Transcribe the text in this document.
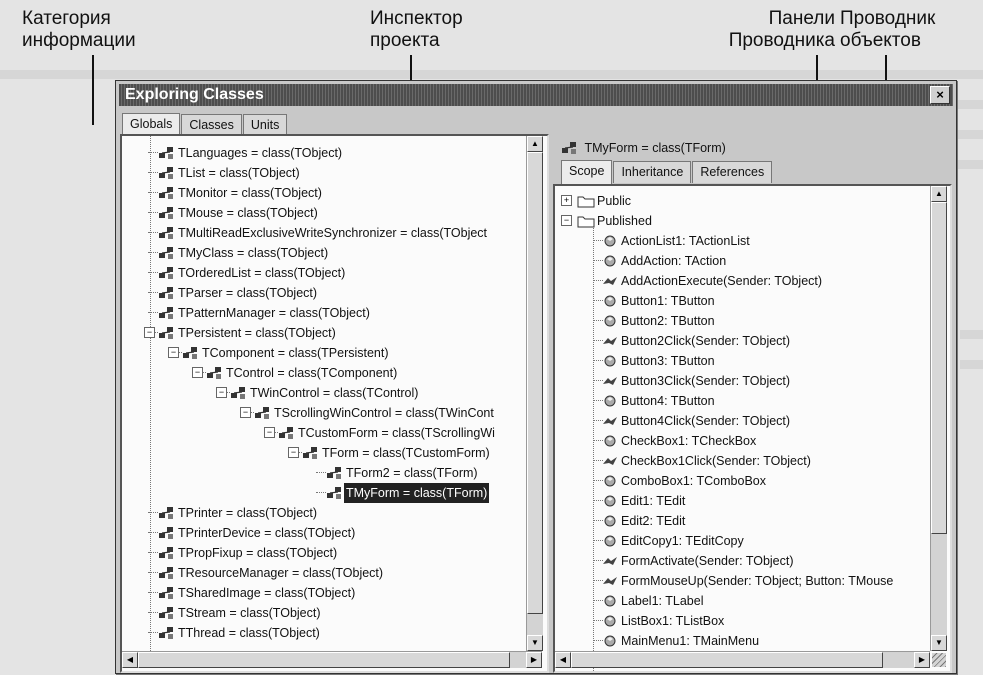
Категория
информации
Инспектор
проекта
Панели
Проводника
Проводник
объектов
Exploring Classes	×
Globals	Classes	Units
TLanguages = class(TObject)
TList = class(TObject)
TMonitor = class(TObject)
TMouse = class(TObject)
TMultiReadExclusiveWriteSynchronizer = class(TObject
TMyClass = class(TObject)
TOrderedList = class(TObject)
TParser = class(TObject)
TPatternManager = class(TObject)
−	TPersistent = class(TObject)
−	TComponent = class(TPersistent)
−	TControl = class(TComponent)
−	TWinControl = class(TControl)
−	TScrollingWinControl = class(TWinCont
−	TCustomForm = class(TScrollingWi
−	TForm = class(TCustomForm)
TForm2 = class(TForm)
TMyForm = class(TForm)
TPrinter = class(TObject)
TPrinterDevice = class(TObject)
TPropFixup = class(TObject)
TResourceManager = class(TObject)
TSharedImage = class(TObject)
TStream = class(TObject)
TThread = class(TObject)
▲
▼
◀	▶
TMyForm = class(TForm)
Scope	Inheritance	References
+	Public
−	Published
ActionList1: TActionList
AddAction: TAction
AddActionExecute(Sender: TObject)
Button1: TButton
Button2: TButton
Button2Click(Sender: TObject)
Button3: TButton
Button3Click(Sender: TObject)
Button4: TButton
Button4Click(Sender: TObject)
CheckBox1: TCheckBox
CheckBox1Click(Sender: TObject)
ComboBox1: TComboBox
Edit1: TEdit
Edit2: TEdit
EditCopy1: TEditCopy
FormActivate(Sender: TObject)
FormMouseUp(Sender: TObject; Button: TMouse
Label1: TLabel
ListBox1: TListBox
MainMenu1: TMainMenu
▲
▼
◀	▶
